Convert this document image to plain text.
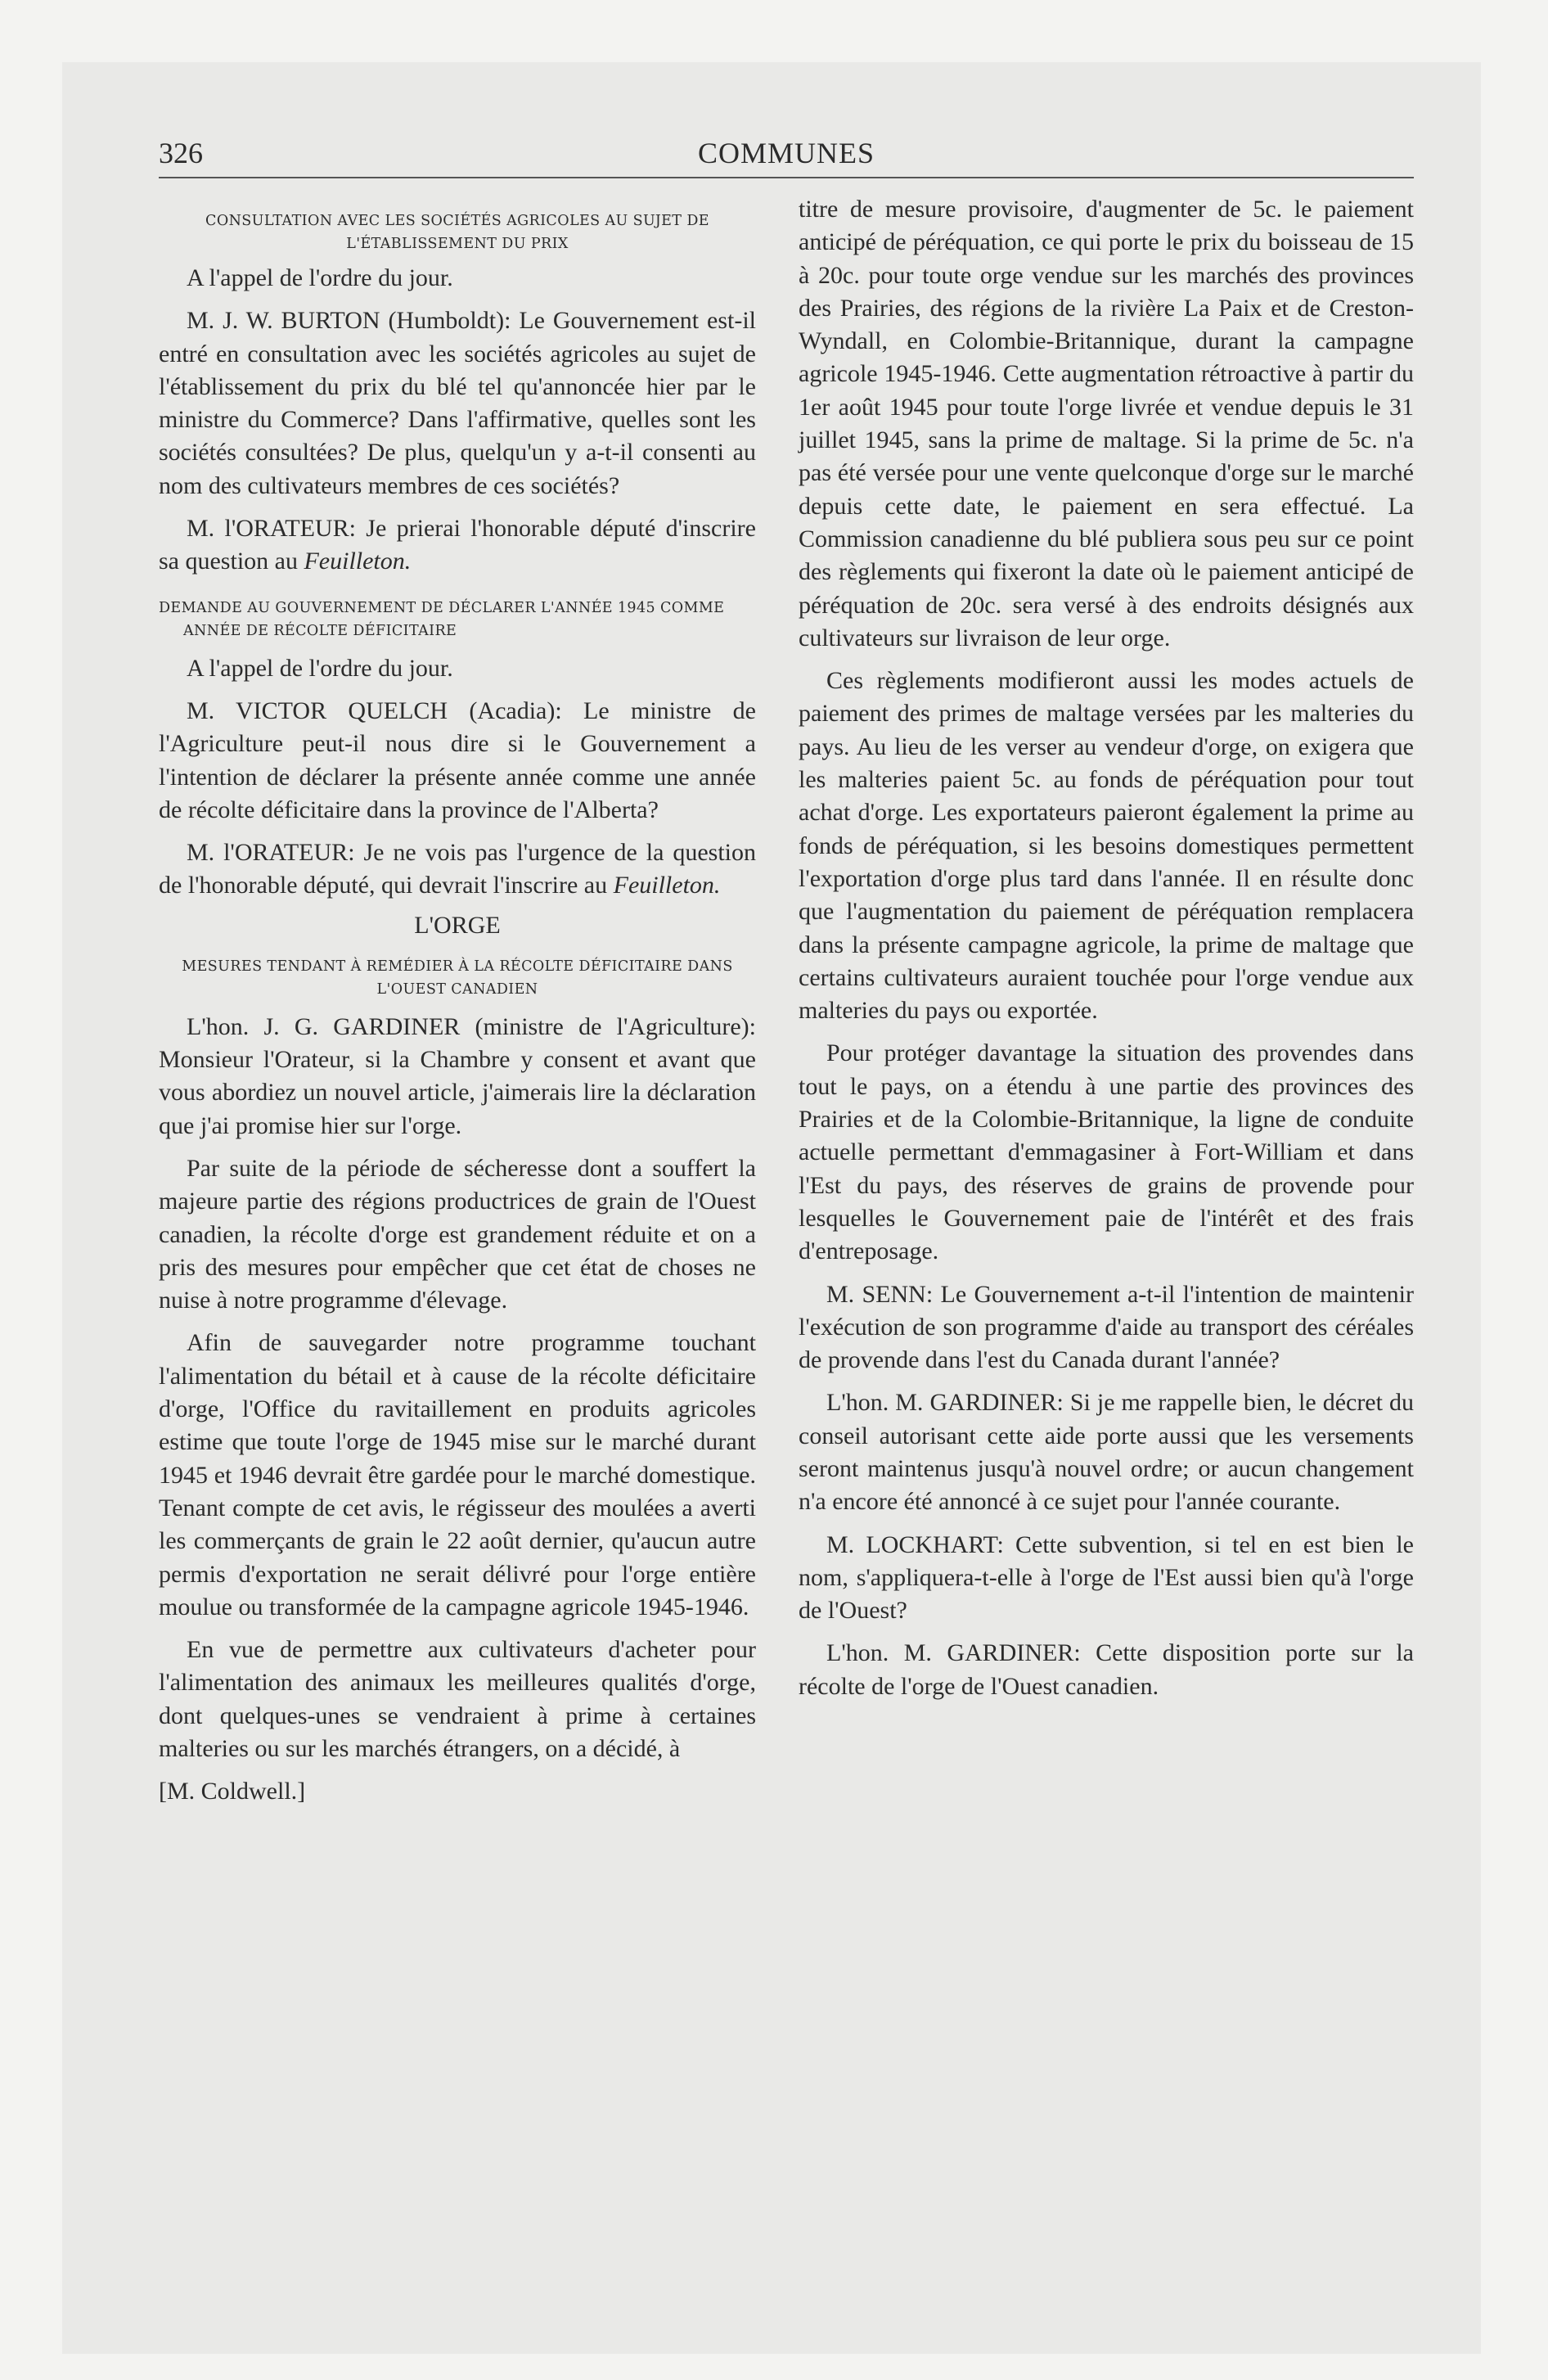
326	COMMUNES
CONSULTATION AVEC LES SOCIÉTÉS AGRICOLES AU SUJET DE L'ÉTABLISSEMENT DU PRIX

A l'appel de l'ordre du jour.

M. J. W. BURTON (Humboldt): Le Gouvernement est-il entré en consultation avec les sociétés agricoles au sujet de l'établissement du prix du blé tel qu'annoncée hier par le ministre du Commerce? Dans l'affirmative, quelles sont les sociétés consultées? De plus, quelqu'un y a-t-il consenti au nom des cultivateurs membres de ces sociétés?

M. l'ORATEUR: Je prierai l'honorable député d'inscrire sa question au Feuilleton.

DEMANDE AU GOUVERNEMENT DE DÉCLARER L'ANNÉE 1945 COMME ANNÉE DE RÉCOLTE DÉFICITAIRE

A l'appel de l'ordre du jour.

M. VICTOR QUELCH (Acadia): Le ministre de l'Agriculture peut-il nous dire si le Gouvernement a l'intention de déclarer la présente année comme une année de récolte déficitaire dans la province de l'Alberta?

M. l'ORATEUR: Je ne vois pas l'urgence de la question de l'honorable député, qui devrait l'inscrire au Feuilleton.

L'ORGE
MESURES TENDANT À REMÉDIER À LA RÉCOLTE DÉFICITAIRE DANS L'OUEST CANADIEN

L'hon. J. G. GARDINER (ministre de l'Agriculture): Monsieur l'Orateur, si la Chambre y consent et avant que vous abordiez un nouvel article, j'aimerais lire la déclaration que j'ai promise hier sur l'orge.

Par suite de la période de sécheresse dont a souffert la majeure partie des régions productrices de grain de l'Ouest canadien, la récolte d'orge est grandement réduite et on a pris des mesures pour empêcher que cet état de choses ne nuise à notre programme d'élevage.

Afin de sauvegarder notre programme touchant l'alimentation du bétail et à cause de la récolte déficitaire d'orge, l'Office du ravitaillement en produits agricoles estime que toute l'orge de 1945 mise sur le marché durant 1945 et 1946 devrait être gardée pour le marché domestique. Tenant compte de cet avis, le régisseur des moulées a averti les commerçants de grain le 22 août dernier, qu'aucun autre permis d'exportation ne serait délivré pour l'orge entière moulue ou transformée de la campagne agricole 1945-1946.

En vue de permettre aux cultivateurs d'acheter pour l'alimentation des animaux les meilleures qualités d'orge, dont quelques-unes se vendraient à prime à certaines malteries ou sur les marchés étrangers, on a décidé, à

[M. Coldwell.]

titre de mesure provisoire, d'augmenter de 5c. le paiement anticipé de péréquation, ce qui porte le prix du boisseau de 15 à 20c. pour toute orge vendue sur les marchés des provinces des Prairies, des régions de la rivière La Paix et de Creston-Wyndall, en Colombie-Britannique, durant la campagne agricole 1945-1946. Cette augmentation rétroactive à partir du 1er août 1945 pour toute l'orge livrée et vendue depuis le 31 juillet 1945, sans la prime de maltage. Si la prime de 5c. n'a pas été versée pour une vente quelconque d'orge sur le marché depuis cette date, le paiement en sera effectué. La Commission canadienne du blé publiera sous peu sur ce point des règlements qui fixeront la date où le paiement anticipé de péréquation de 20c. sera versé à des endroits désignés aux cultivateurs sur livraison de leur orge.

Ces règlements modifieront aussi les modes actuels de paiement des primes de maltage versées par les malteries du pays. Au lieu de les verser au vendeur d'orge, on exigera que les malteries paient 5c. au fonds de péréquation pour tout achat d'orge. Les exportateurs paieront également la prime au fonds de péréquation, si les besoins domestiques permettent l'exportation d'orge plus tard dans l'année. Il en résulte donc que l'augmentation du paiement de péréquation remplacera dans la présente campagne agricole, la prime de maltage que certains cultivateurs auraient touchée pour l'orge vendue aux malteries du pays ou exportée.

Pour protéger davantage la situation des provendes dans tout le pays, on a étendu à une partie des provinces des Prairies et de la Colombie-Britannique, la ligne de conduite actuelle permettant d'emmagasiner à Fort-William et dans l'Est du pays, des réserves de grains de provende pour lesquelles le Gouvernement paie de l'intérêt et des frais d'entreposage.

M. SENN: Le Gouvernement a-t-il l'intention de maintenir l'exécution de son programme d'aide au transport des céréales de provende dans l'est du Canada durant l'année?

L'hon. M. GARDINER: Si je me rappelle bien, le décret du conseil autorisant cette aide porte aussi que les versements seront maintenus jusqu'à nouvel ordre; or aucun changement n'a encore été annoncé à ce sujet pour l'année courante.

M. LOCKHART: Cette subvention, si tel en est bien le nom, s'appliquera-t-elle à l'orge de l'Est aussi bien qu'à l'orge de l'Ouest?

L'hon. M. GARDINER: Cette disposition porte sur la récolte de l'orge de l'Ouest canadien.
